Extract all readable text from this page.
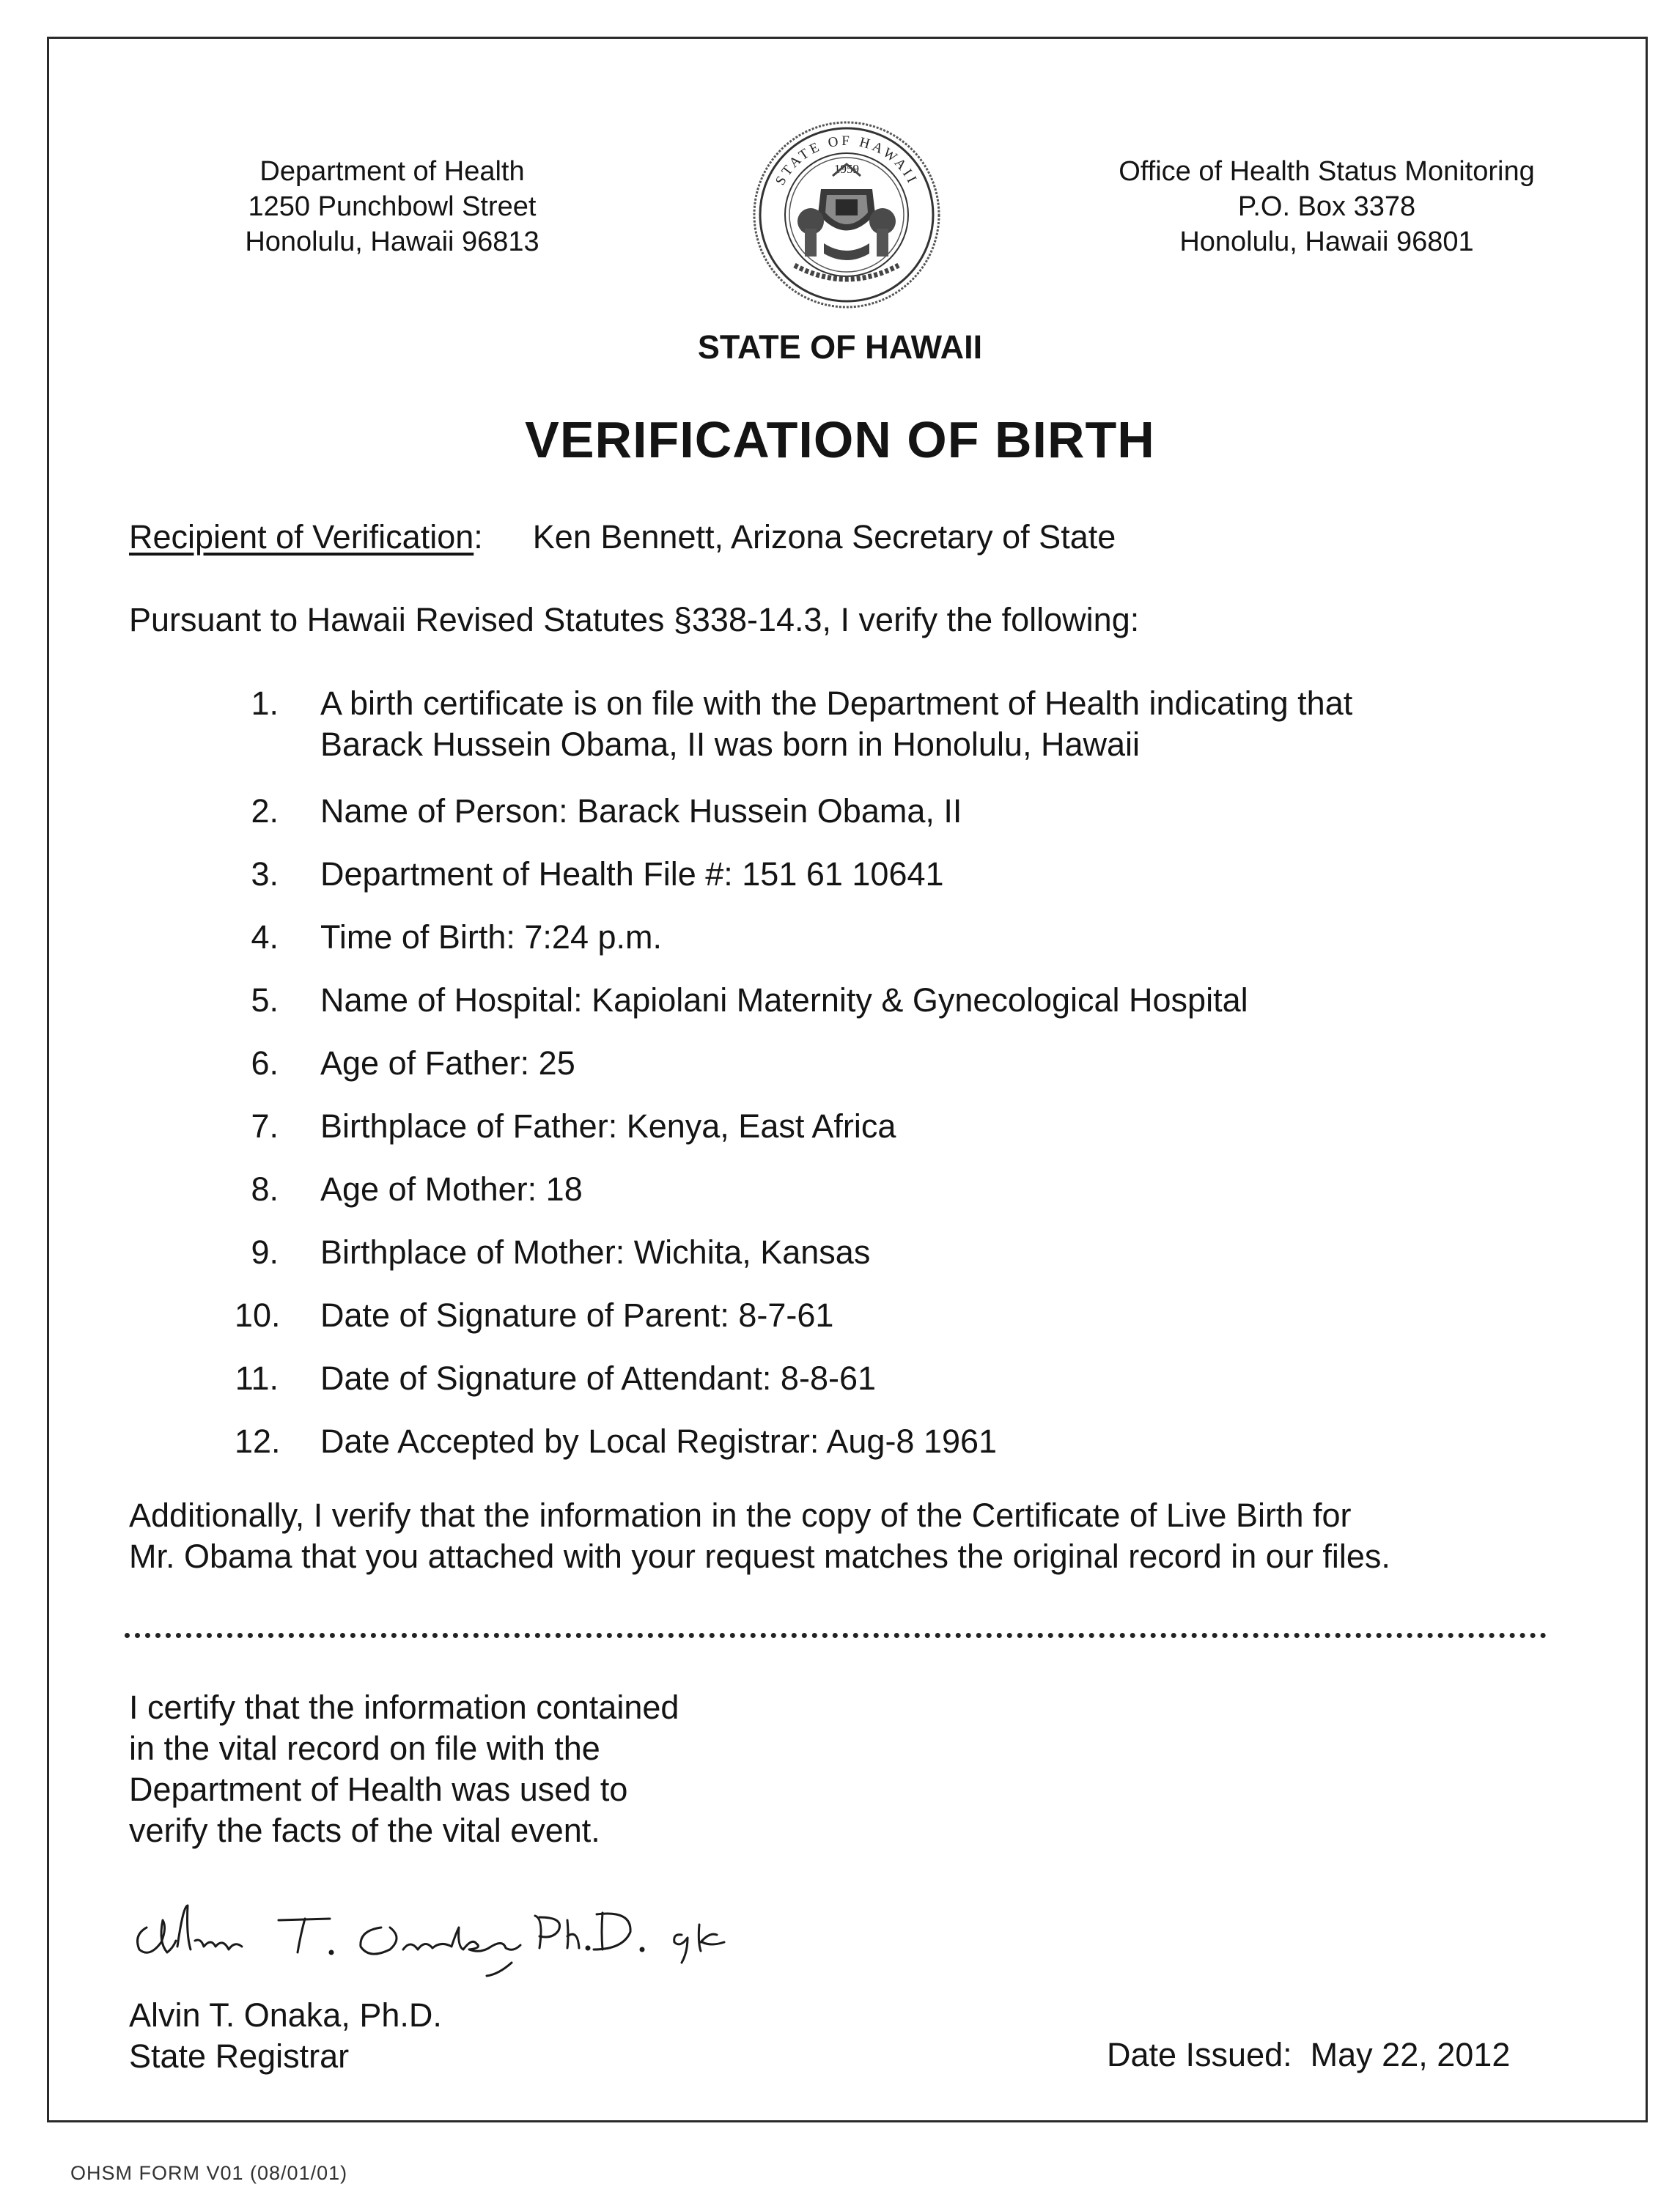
Department of Health
1250 Punchbowl Street
Honolulu, Hawaii 96813
STATE OF HAWAII
1959	Office of Health Status Monitoring
P.O. Box 3378
Honolulu, Hawaii 96801
STATE OF HAWAII
VERIFICATION OF BIRTH
Recipient of Verification: Ken Bennett, Arizona Secretary of State
Pursuant to Hawaii Revised Statutes §338-14.3, I verify the following:
1. A birth certificate is on file with the Department of Health indicating that
Barack Hussein Obama, II was born in Honolulu, Hawaii
2. Name of Person: Barack Hussein Obama, II
3. Department of Health File #: 151 61 10641
4. Time of Birth: 7:24 p.m.
5. Name of Hospital: Kapiolani Maternity & Gynecological Hospital
6. Age of Father: 25
7. Birthplace of Father: Kenya, East Africa
8. Age of Mother: 18
9. Birthplace of Mother: Wichita, Kansas
10. Date of Signature of Parent: 8-7-61
11. Date of Signature of Attendant: 8-8-61
12. Date Accepted by Local Registrar: Aug-8 1961
Additionally, I verify that the information in the copy of the Certificate of Live Birth for
Mr. Obama that you attached with your request matches the original record in our files.
I certify that the information contained
in the vital record on file with the
Department of Health was used to
verify the facts of the vital event.
Alvin T. Onaka, Ph.D.
State Registrar	Date Issued: May 22, 2012
OHSM FORM V01 (08/01/01)
